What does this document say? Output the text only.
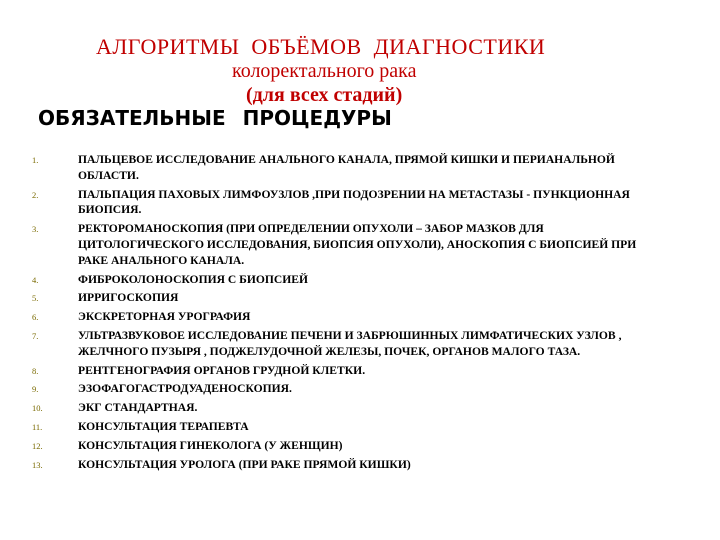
АЛГОРИТМЫ ОБЪЁМОВ ДИАГНОСТИКИ
колоректального рака
(для всех стадий)
ОБЯЗАТЕЛЬНЫЕ ПРОЦЕДУРЫ
1.	ПАЛЬЦЕВОЕ ИССЛЕДОВАНИЕ АНАЛЬНОГО КАНАЛА, ПРЯМОЙ КИШКИ И ПЕРИАНАЛЬНОЙ ОБЛАСТИ.
2.	ПАЛЬПАЦИЯ ПАХОВЫХ ЛИМФОУЗЛОВ ,ПРИ ПОДОЗРЕНИИ НА МЕТАСТАЗЫ - ПУНКЦИОННАЯ БИОПСИЯ.
3.	РЕКТОРОМАНОСКОПИЯ (ПРИ ОПРЕДЕЛЕНИИ ОПУХОЛИ – ЗАБОР МАЗКОВ ДЛЯ ЦИТОЛОГИЧЕСКОГО ИССЛЕДОВАНИЯ, БИОПСИЯ ОПУХОЛИ), АНОСКОПИЯ С БИОПСИЕЙ ПРИ РАКЕ АНАЛЬНОГО КАНАЛА.
4.	ФИБРОКОЛОНОСКОПИЯ С БИОПСИЕЙ
5.	ИРРИГОСКОПИЯ
6.	ЭКСКРЕТОРНАЯ УРОГРАФИЯ
7.	УЛЬТРАЗВУКОВОЕ ИССЛЕДОВАНИЕ ПЕЧЕНИ И ЗАБРЮШИННЫХ ЛИМФАТИЧЕСКИХ УЗЛОВ , ЖЕЛЧНОГО ПУЗЫРЯ , ПОДЖЕЛУДОЧНОЙ ЖЕЛЕЗЫ, ПОЧЕК, ОРГАНОВ МАЛОГО ТАЗА.
8.	РЕНТГЕНОГРАФИЯ ОРГАНОВ ГРУДНОЙ КЛЕТКИ.
9.	ЭЗОФАГОГАСТРОДУАДЕНОСКОПИЯ.
10.	ЭКГ СТАНДАРТНАЯ.
11.	КОНСУЛЬТАЦИЯ ТЕРАПЕВТА
12.	КОНСУЛЬТАЦИЯ ГИНЕКОЛОГА (У ЖЕНЩИН)
13.	КОНСУЛЬТАЦИЯ УРОЛОГА (ПРИ РАКЕ ПРЯМОЙ КИШКИ)
